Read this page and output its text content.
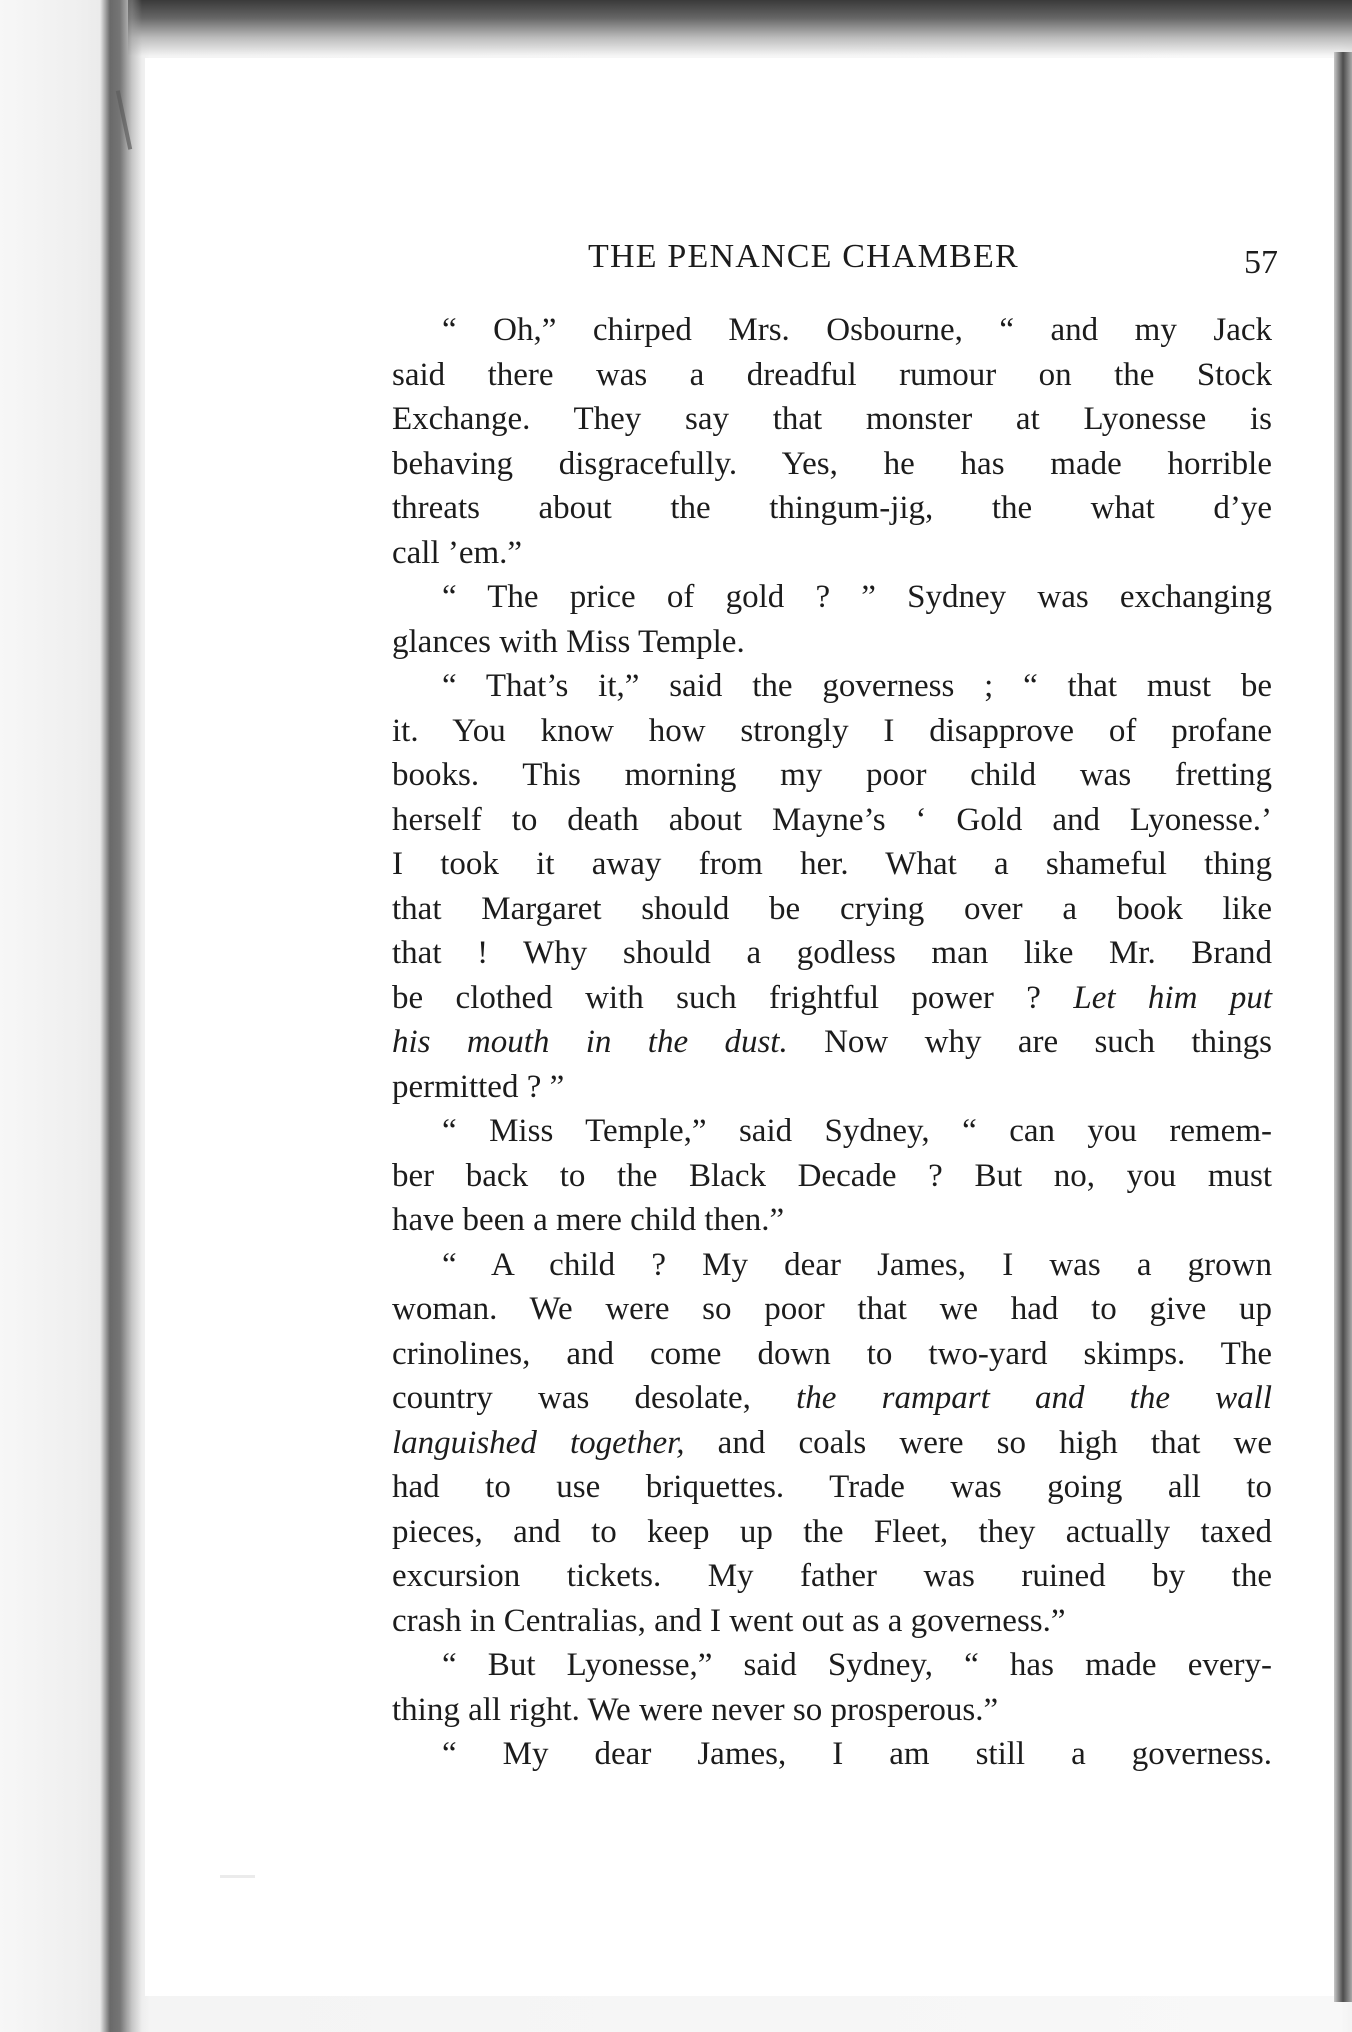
THE PENANCE CHAMBER	57
“ Oh,” chirped Mrs. Osbourne, “ and my Jack
said there was a dreadful rumour on the Stock
Exchange. They say that monster at Lyonesse is
behaving disgracefully. Yes, he has made horrible
threats about the thingum-jig, the what d’ye
call ’em.”
“ The price of gold ? ” Sydney was exchanging
glances with Miss Temple.
“ That’s it,” said the governess ; “ that must be
it. You know how strongly I disapprove of profane
books. This morning my poor child was fretting
herself to death about Mayne’s ‘ Gold and Lyonesse.’
I took it away from her. What a shameful thing
that Margaret should be crying over a book like
that ! Why should a godless man like Mr. Brand
be clothed with such frightful power ? Let him put
his mouth in the dust. Now why are such things
permitted ? ”
“ Miss Temple,” said Sydney, “ can you remem-
ber back to the Black Decade ? But no, you must
have been a mere child then.”
“ A child ? My dear James, I was a grown
woman. We were so poor that we had to give up
crinolines, and come down to two-yard skimps. The
country was desolate, the rampart and the wall
languished together, and coals were so high that we
had to use briquettes. Trade was going all to
pieces, and to keep up the Fleet, they actually taxed
excursion tickets. My father was ruined by the
crash in Centralias, and I went out as a governess.”
“ But Lyonesse,” said Sydney, “ has made every-
thing all right. We were never so prosperous.”
“ My dear James, I am still a governess.
